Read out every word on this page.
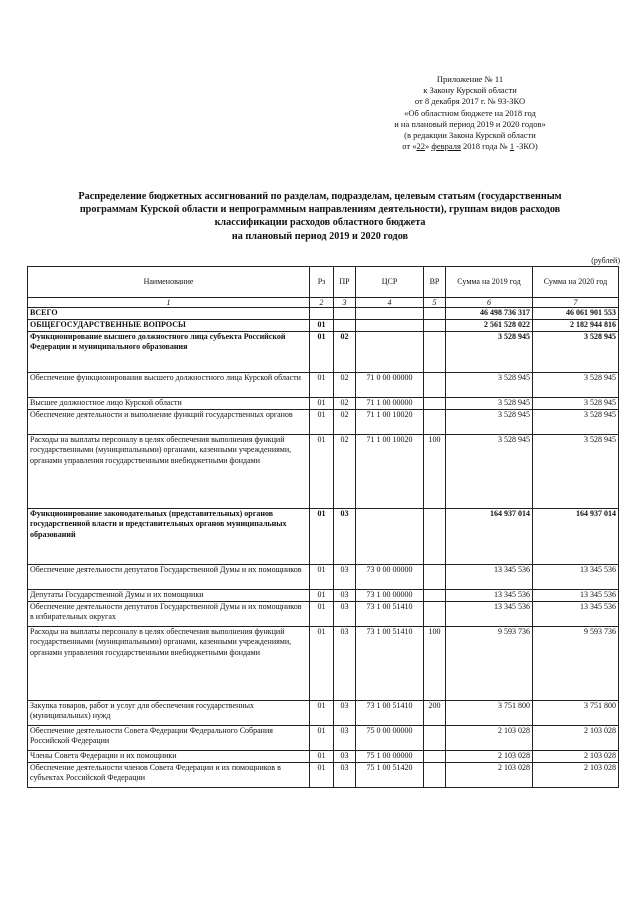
Приложение № 11
к Закону Курской области
от 8 декабря 2017 г. № 93-ЗКО
«Об областном бюджете на 2018 год
и на плановый период 2019 и 2020 годов»
(в редакции Закона Курской области
от «22» февраля 2018 года № 1 -ЗКО)
Распределение бюджетных ассигнований по разделам, подразделам, целевым статьям (государственным
программам Курской области и непрограммным направлениям деятельности), группам видов расходов
классификации расходов областного бюджета
на плановый период 2019 и 2020 годов
(рублей)
Наименование	Рз	ПР	ЦСР	ВР	Сумма на 2019 год	Сумма на 2020 год
1	2	3	4	5	6	7
ВСЕГО					46 498 736 317	46 061 901 553
ОБЩЕГОСУДАРСТВЕННЫЕ ВОПРОСЫ	01				2 561 528 022	2 182 944 816
Функционирование высшего должностного лица субъекта Российской Федерации и муниципального образования	01	02			3 528 945	3 528 945
Обеспечение функционирования высшего должностного лица Курской области	01	02	71 0 00 00000		3 528 945	3 528 945
Высшее должностное лицо Курской области	01	02	71 1 00 00000		3 528 945	3 528 945
Обеспечение деятельности и выполнение функций государственных органов	01	02	71 1 00 10020		3 528 945	3 528 945
Расходы на выплаты персоналу в целях обеспечения выполнения функций государственными (муниципальными) органами, казенными учреждениями, органами управления государственными внебюджетными фондами	01	02	71 1 00 10020	100	3 528 945	3 528 945
Функционирование законодательных (представительных) органов государственной власти и представительных органов муниципальных образований	01	03			164 937 014	164 937 014
Обеспечение деятельности депутатов Государственной Думы и их помощников	01	03	73 0 00 00000		13 345 536	13 345 536
Депутаты Государственной Думы и их помощники	01	03	73 1 00 00000		13 345 536	13 345 536
Обеспечение деятельности депутатов Государственной Думы и их помощников в избирательных округах	01	03	73 1 00 51410		13 345 536	13 345 536
Расходы на выплаты персоналу в целях обеспечения выполнения функций государственными (муниципальными) органами, казенными учреждениями, органами управления государственными внебюджетными фондами	01	03	73 1 00 51410	100	9 593 736	9 593 736
Закупка товаров, работ и услуг для обеспечения государственных (муниципальных) нужд	01	03	73 1 00 51410	200	3 751 800	3 751 800
Обеспечение деятельности Совета Федерации Федерального Собрания Российской Федерации	01	03	75 0 00 00000		2 103 028	2 103 028
Члены Совета Федерации и их помощники	01	03	75 1 00 00000		2 103 028	2 103 028
Обеспечение деятельности членов Совета Федерации и их помощников в субъектах Российской Федерации	01	03	75 1 00 51420		2 103 028	2 103 028
